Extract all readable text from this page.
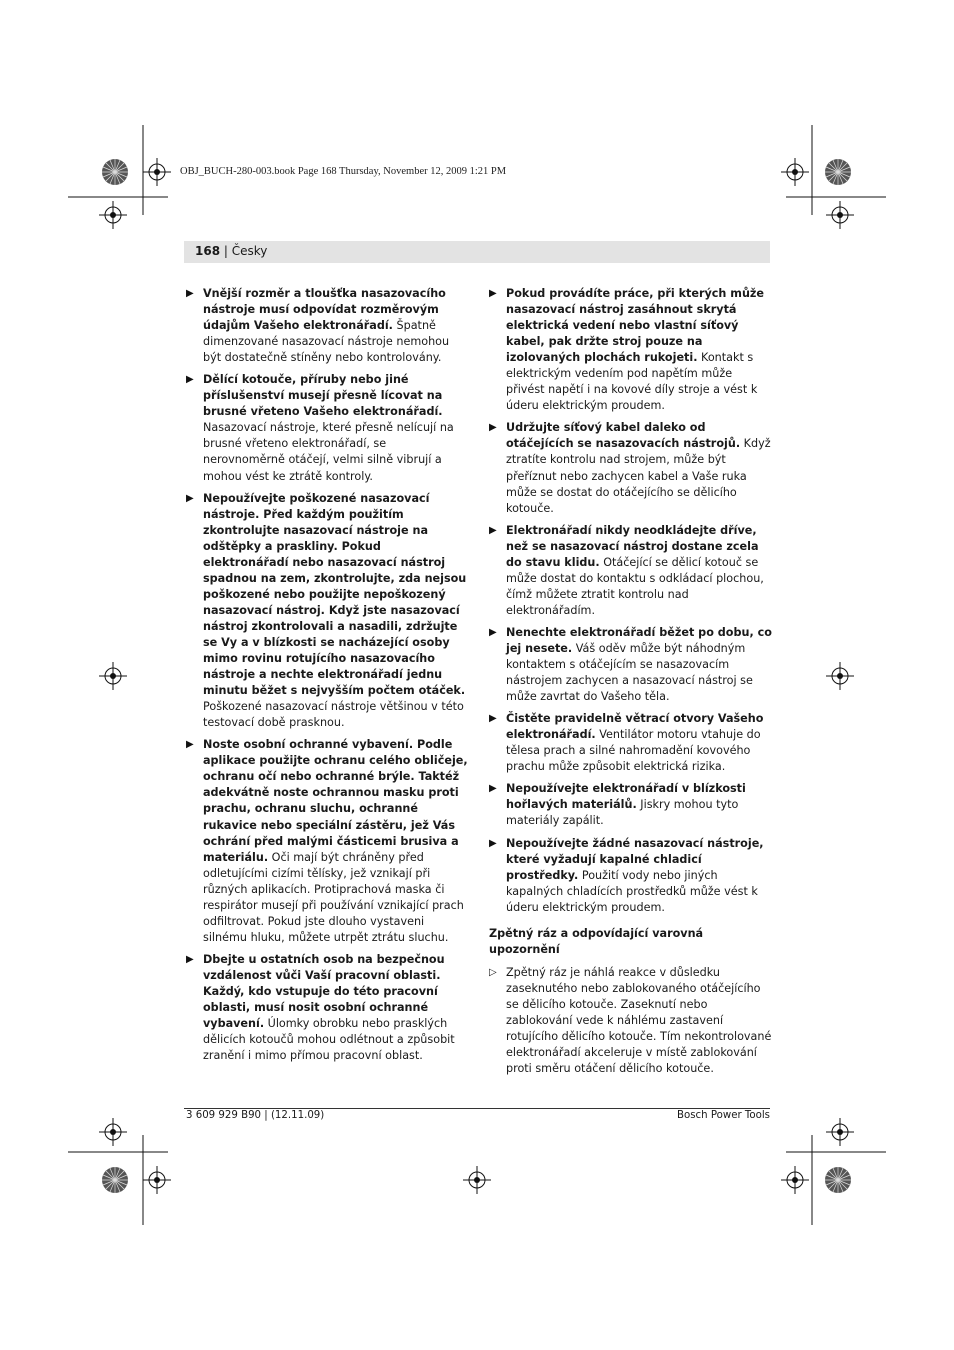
OBJ_BUCH-280-003.book Page 168 Thursday, November 12, 2009 1:21 PM
168 | Česky
▶ Vnější rozměr a tloušťka nasazovacího nástroje musí odpovídat rozměrovým údajům Vašeho elektronářadí. Špatně dimenzované nasazovací nástroje nemohou být dostatečně stíněny nebo kontrolovány.
▶ Dělící kotouče, příruby nebo jiné příslušenství musejí přesně lícovat na brusné vřeteno Vašeho elektronářadí. Nasazovací nástroje, které přesně nelícují na brusné vřeteno elektronářadí, se nerovnoměrně otáčejí, velmi silně vibrují a mohou vést ke ztrátě kontroly.
▶ Nepoužívejte poškozené nasazovací nástroje. Před každým použitím zkontrolujte nasazovací nástroje na odštěpky a praskliny. Pokud elektronářadí nebo nasazovací nástroj spadnou na zem, zkontrolujte, zda nejsou poškozené nebo použijte nepoškozený nasazovací nástroj. Když jste nasazovací nástroj zkontrolovali a nasadili, zdržujte se Vy a v blízkosti se nacházející osoby mimo rovinu rotujícího nasazovacího nástroje a nechte elektronářadí jednu minutu běžet s nejvyšším počtem otáček. Poškozené nasazovací nástroje většinou v této testovací době prasknou.
▶ Noste osobní ochranné vybavení. Podle aplikace použijte ochranu celého obličeje, ochranu očí nebo ochranné brýle. Taktéž adekvátně noste ochrannou masku proti prachu, ochranu sluchu, ochranné rukavice nebo speciální zástěru, jež Vás ochrání před malými částicemi brusiva a materiálu. Oči mají být chráněny před odletujícími cizími tělísky, jež vznikají při různých aplikacích. Protiprachová maska či respirátor musejí při používání vznikající prach odfiltrovat. Pokud jste dlouho vystaveni silnému hluku, můžete utrpět ztrátu sluchu.
▶ Dbejte u ostatních osob na bezpečnou vzdálenost vůči Vaší pracovní oblasti. Každý, kdo vstupuje do této pracovní oblasti, musí nosit osobní ochranné vybavení. Úlomky obrobku nebo prasklých dělicích kotoučů mohou odlétnout a způsobit zranění i mimo přímou pracovní oblast.
▶ Pokud provádíte práce, při kterých může nasazovací nástroj zasáhnout skrytá elektrická vedení nebo vlastní síťový kabel, pak držte stroj pouze na izolovaných plochách rukojeti. Kontakt s elektrickým vedením pod napětím může přivést napětí i na kovové díly stroje a vést k úderu elektrickým proudem.
▶ Udržujte síťový kabel daleko od otáčejících se nasazovacích nástrojů. Když ztratíte kontrolu nad strojem, může být přeříznut nebo zachycen kabel a Vaše ruka může se dostat do otáčejícího se dělicího kotouče.
▶ Elektronářadí nikdy neodkládejte dříve, než se nasazovací nástroj dostane zcela do stavu klidu. Otáčející se dělicí kotouč se může dostat do kontaktu s odkládací plochou, čímž můžete ztratit kontrolu nad elektronářadím.
▶ Nenechte elektronářadí běžet po dobu, co jej nesete. Váš oděv může být náhodným kontaktem s otáčejícím se nasazovacím nástrojem zachycen a nasazovací nástroj se může zavrtat do Vašeho těla.
▶ Čistěte pravidelně větrací otvory Vašeho elektronářadí. Ventilátor motoru vtahuje do tělesa prach a silné nahromadění kovového prachu může způsobit elektrická rizika.
▶ Nepoužívejte elektronářadí v blízkosti hořlavých materiálů. Jiskry mohou tyto materiály zapálit.
▶ Nepoužívejte žádné nasazovací nástroje, které vyžadují kapalné chladicí prostředky. Použití vody nebo jiných kapalných chladících prostředků může vést k úderu elektrickým proudem.
Zpětný ráz a odpovídající varovná upozornění
▷ Zpětný ráz je náhlá reakce v důsledku zaseknutého nebo zablokovaného otáčejícího se dělicího kotouče. Zaseknutí nebo zablokování vede k náhlému zastavení rotujícího dělicího kotouče. Tím nekontrolované elektronářadí akceleruje v místě zablokování proti směru otáčení dělicího kotouče.
3 609 929 B90 | (12.11.09)	Bosch Power Tools
